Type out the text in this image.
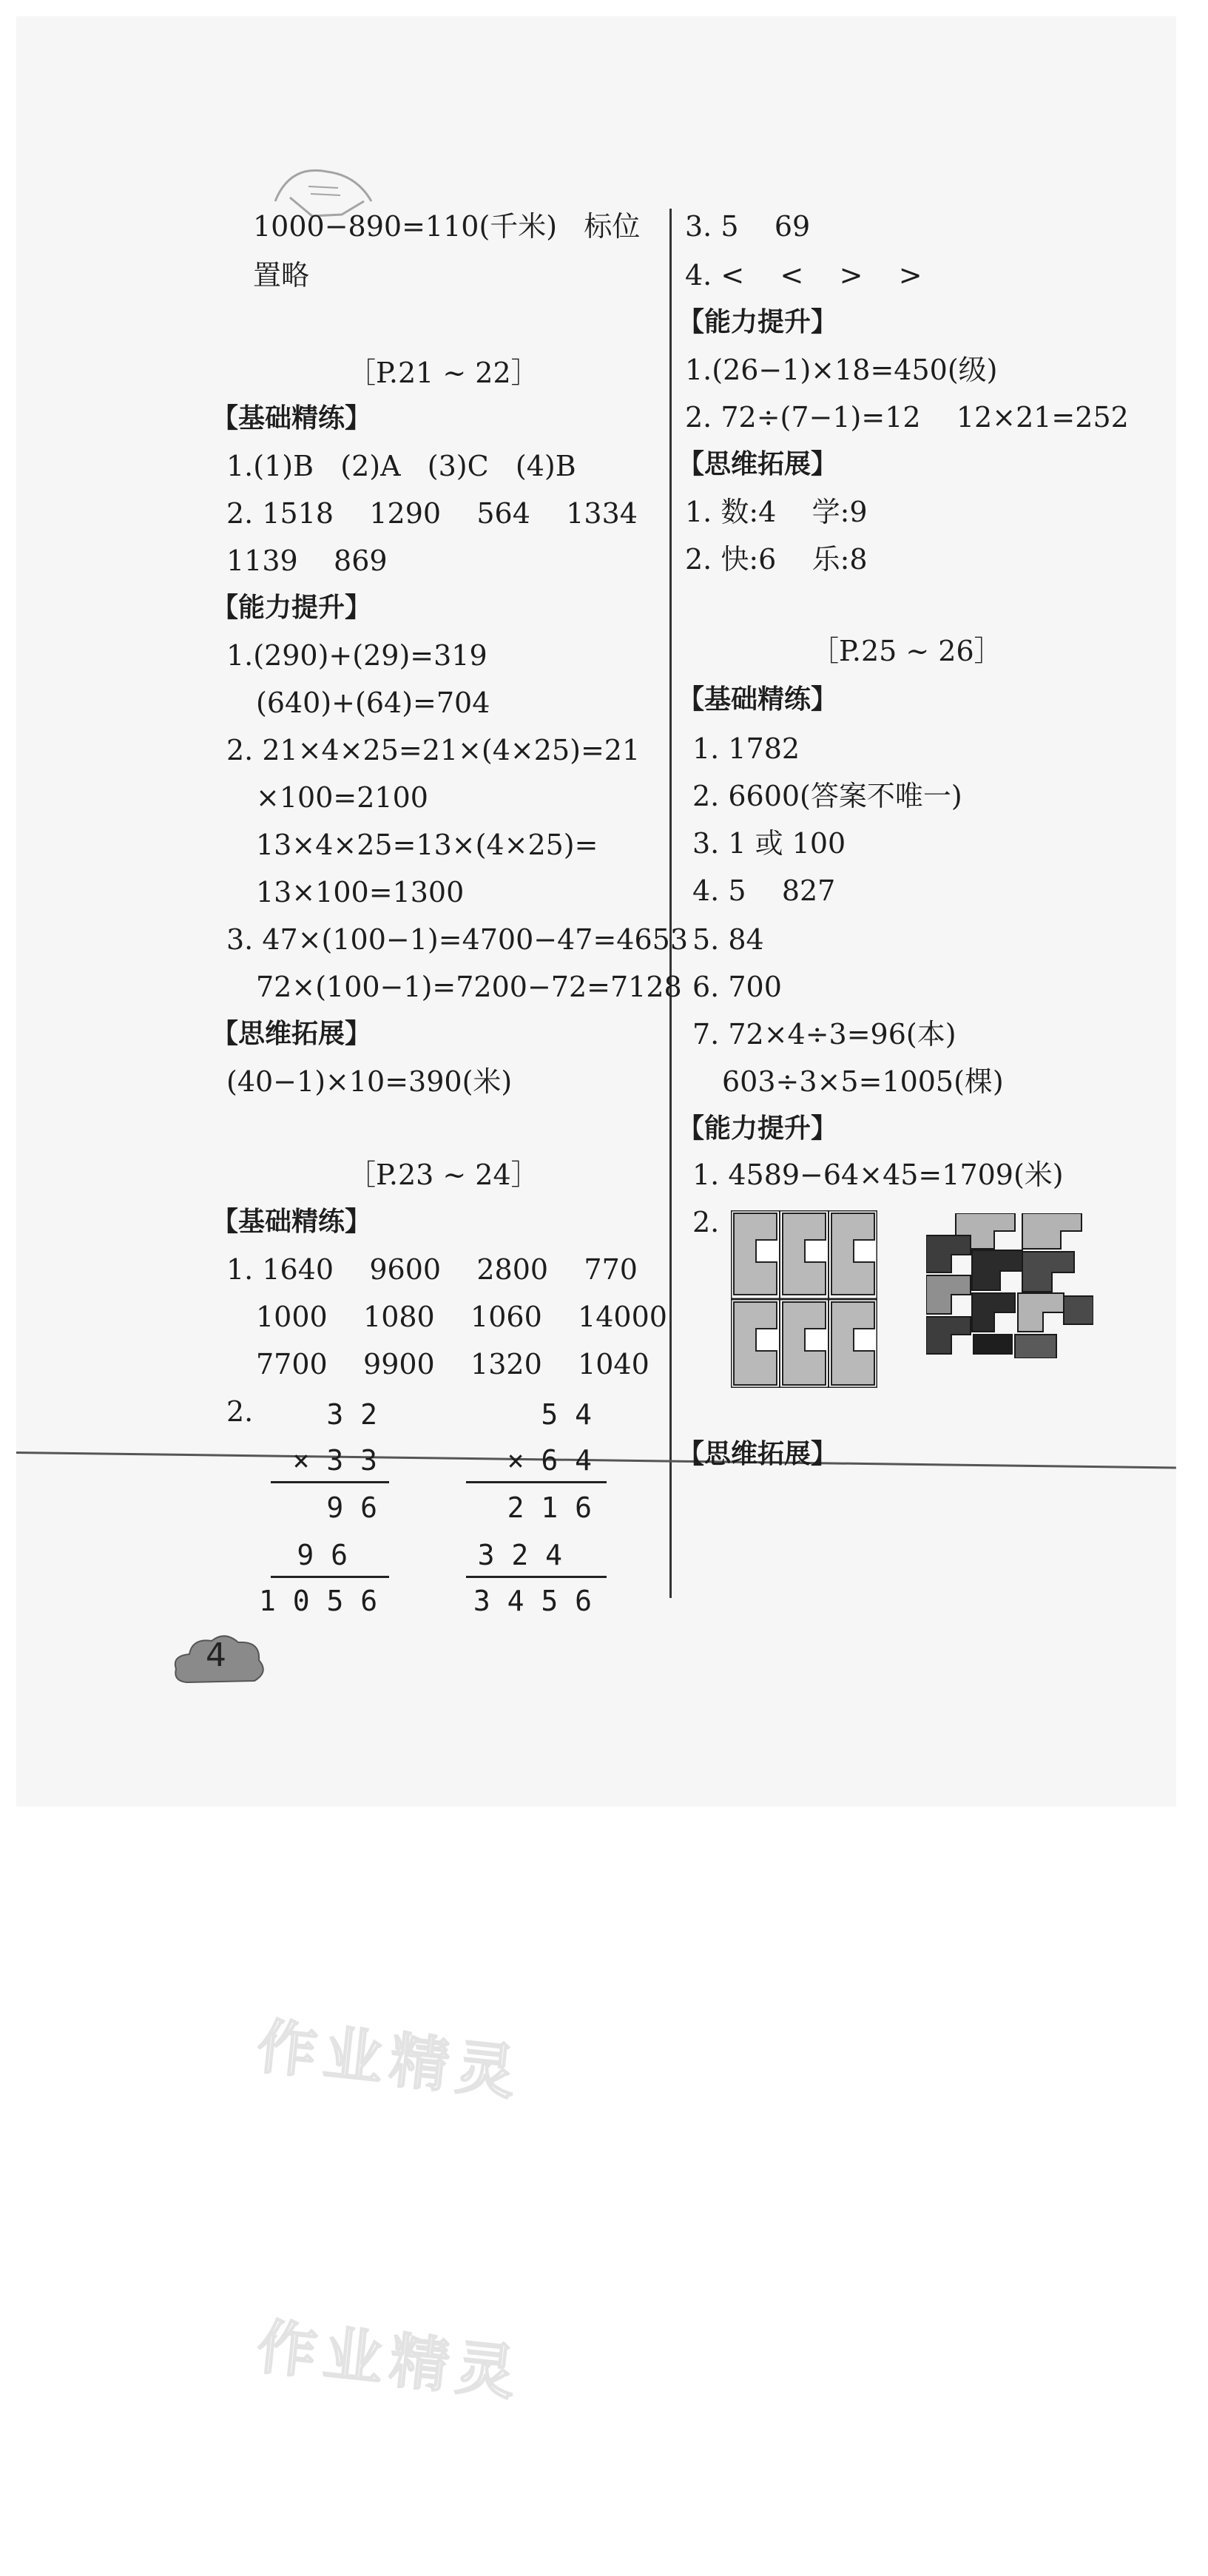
1000−890=110(千米)   标位
置略
［P.21 ~ 22］
【基础精练】
1.(1)B   (2)A   (3)C   (4)B
2. 1518    1290    564    1334
1139    869
【能力提升】
1.(290)+(29)=319
(640)+(64)=704
2. 21×4×25=21×(4×25)=21
×100=2100
13×4×25=13×(4×25)=
13×100=1300
3. 47×(100−1)=4700−47=4653
72×(100−1)=7200−72=7128
【思维拓展】
(40−1)×10=390(米)
［P.23 ~ 24］
【基础精练】
1. 1640    9600    2800    770
1000    1080    1060    14000
7700    9900    1320    1040
2.	3 2
× 3 3
9 6
9 6
1 0 5 6
5 4
× 6 4
2 1 6
3 2 4
3 4 5 6
3. 5    69
4. <    <    >    >
【能力提升】
1.(26−1)×18=450(级)
2. 72÷(7−1)=12    12×21=252
【思维拓展】
1. 数:4    学:9
2. 快:6    乐:8
［P.25 ~ 26］
【基础精练】
1. 1782
2. 6600(答案不唯一)
3. 1 或 100
4. 5    827
5. 84
6. 700
7. 72×4÷3=96(本)
603÷3×5=1005(棵)
【能力提升】
1. 4589−64×45=1709(米)
2.
【思维拓展】
4
作业精灵
作业精灵
